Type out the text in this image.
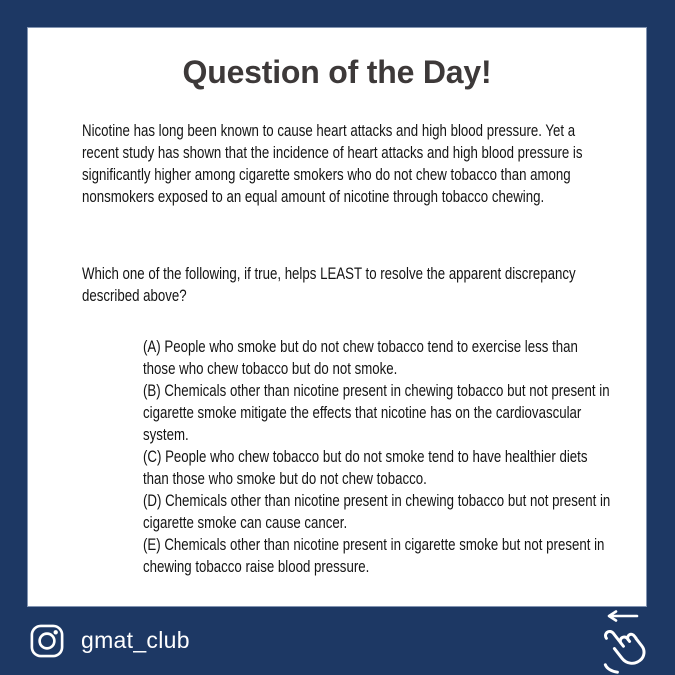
Question of the Day!

Nicotine has long been known to cause heart attacks and high blood pressure. Yet a recent study has shown that the incidence of heart attacks and high blood pressure is significantly higher among cigarette smokers who do not chew tobacco than among nonsmokers exposed to an equal amount of nicotine through tobacco chewing.

Which one of the following, if true, helps LEAST to resolve the apparent discrepancy described above?

(A) People who smoke but do not chew tobacco tend to exercise less than those who chew tobacco but do not smoke.

(B) Chemicals other than nicotine present in chewing tobacco but not present in cigarette smoke mitigate the effects that nicotine has on the cardiovascular system.

(C) People who chew tobacco but do not smoke tend to have healthier diets than those who smoke but do not chew tobacco.

(D) Chemicals other than nicotine present in chewing tobacco but not present in cigarette smoke can cause cancer.

(E) Chemicals other than nicotine present in cigarette smoke but not present in chewing tobacco raise blood pressure.

gmat_club
